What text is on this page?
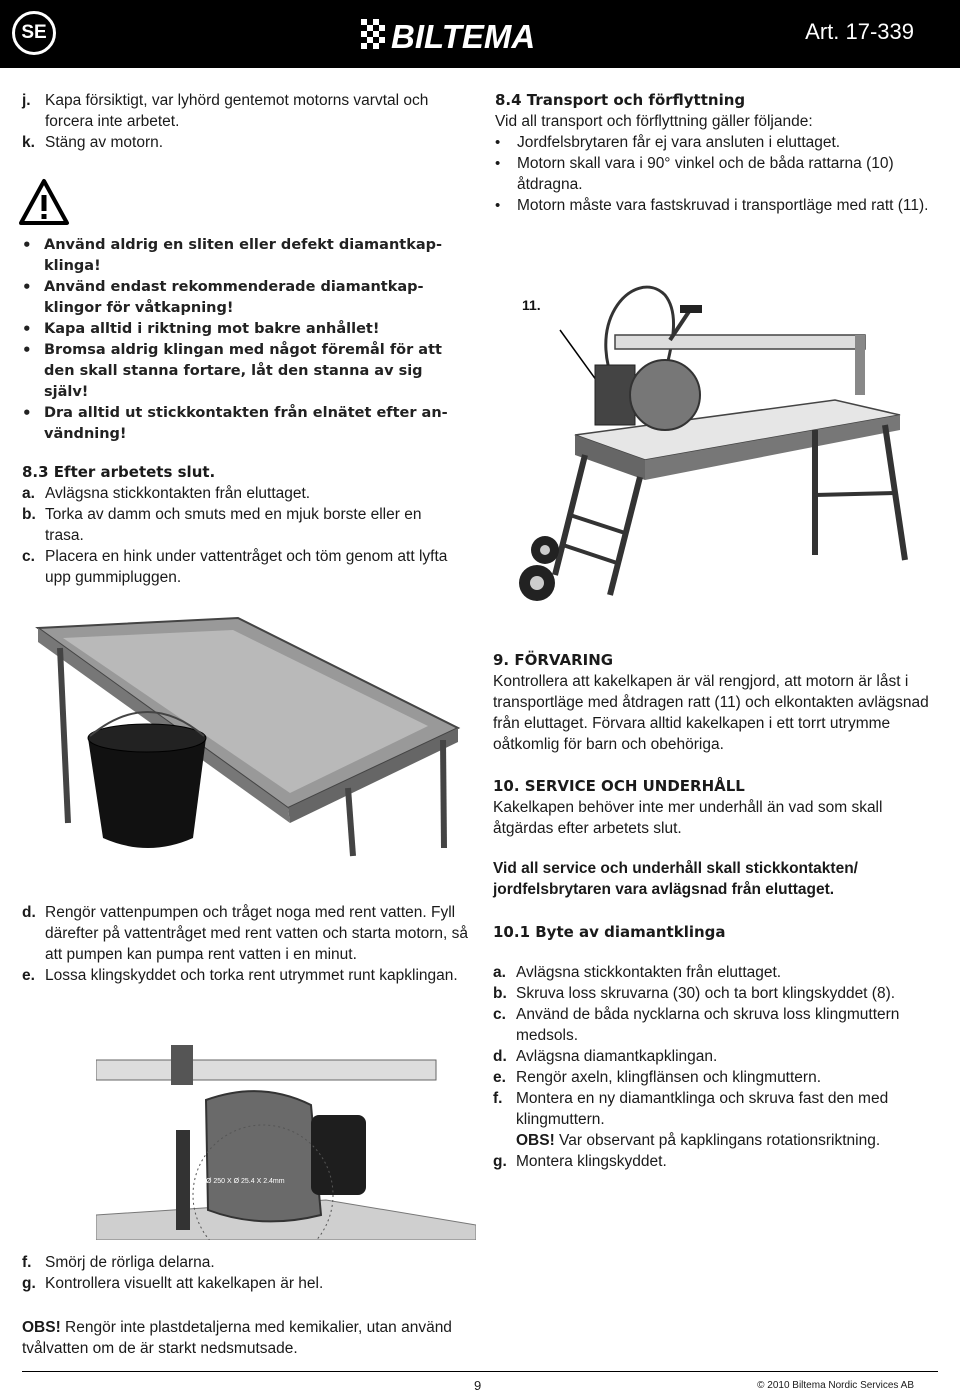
SE	BILTEMA	Art. 17-339
j. Kapa försiktigt, var lyhörd gentemot motorns varvtal och forcera inte arbetet.
k. Stäng av motorn.
• Använd aldrig en sliten eller defekt diamantkapklinga!
• Använd endast rekommenderade diamantkapklingor för våtkapning!
• Kapa alltid i riktning mot bakre anhållet!
• Bromsa aldrig klingan med något föremål för att den skall stanna fortare, låt den stanna av sig själv!
• Dra alltid ut stickkontakten från elnätet efter användning!
8.3 Efter arbetets slut.
a. Avlägsna stickkontakten från eluttaget.
b. Torka av damm och smuts med en mjuk borste eller en trasa.
c. Placera en hink under vattentråget och töm genom att lyfta upp gummipluggen.
8.4 Transport och förflyttning
Vid all transport och förflyttning gäller följande:
•	Jordfelsbrytaren får ej vara ansluten i eluttaget.
•	Motorn skall vara i 90° vinkel och de båda rattarna (10) åtdragna.
•	Motorn måste vara fastskruvad i transportläge med ratt (11).
11.
d. Rengör vattenpumpen och tråget noga med rent vatten. Fyll därefter på vattentråget med rent vatten och starta motorn, så att pumpen kan pumpa rent vatten i en minut.
e. Lossa klingskyddet och torka rent utrymmet runt kapklingan.
Ø 250 X Ø 25.4 X 2.4mm
f. Smörj de rörliga delarna.
g. Kontrollera visuellt att kakelkapen är hel.
OBS! Rengör inte plastdetaljerna med kemikalier, utan använd tvålvatten om de är starkt nedsmutsade.
9. FÖRVARING
Kontrollera att kakelkapen är väl rengjord, att motorn är låst i transportläge med åtdragen ratt (11) och elkontakten avlägsnad från eluttaget. Förvara alltid kakelkapen i ett torrt utrymme oåtkomlig för barn och obehöriga.
10. SERVICE OCH UNDERHÅLL
Kakelkapen behöver inte mer underhåll än vad som skall åtgärdas efter arbetets slut.
Vid all service och underhåll skall stickkontakten/ jordfelsbrytaren vara avlägsnad från eluttaget.
10.1 Byte av diamantklinga
a. Avlägsna stickkontakten från eluttaget.
b. Skruva loss skruvarna (30) och ta bort klingskyddet (8).
c. Använd de båda nycklarna och skruva loss klingmuttern medsols.
d. Avlägsna diamantkapklingan.
e. Rengör axeln, klingflänsen och klingmuttern.
f. Montera en ny diamantklinga och skruva fast den med klingmuttern.
OBS! Var observant på kapklingans rotationsriktning.
g. Montera klingskyddet.
9	© 2010 Biltema Nordic Services AB
